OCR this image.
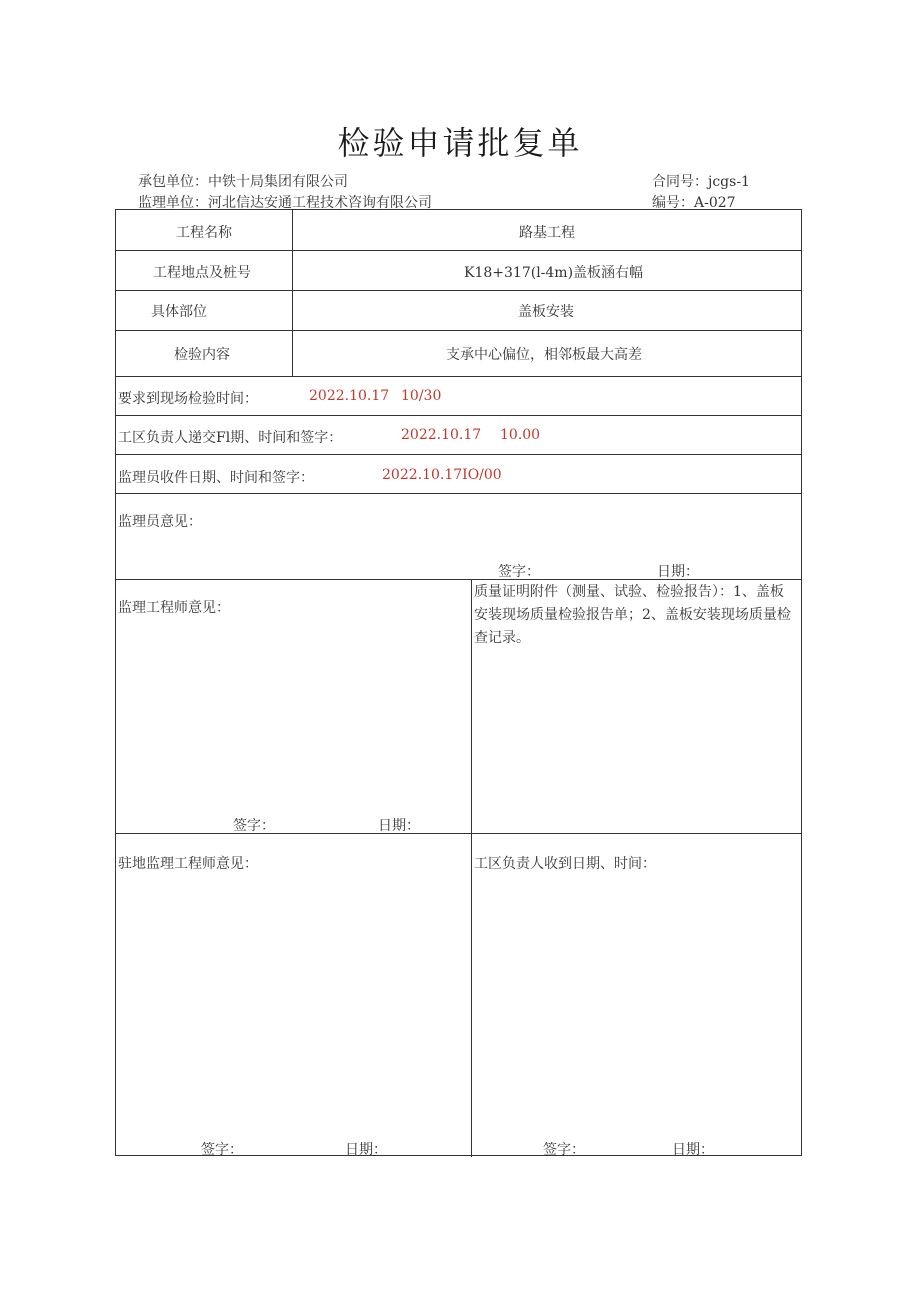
检验申请批复单
承包单位：中铁十局集团有限公司	合同号：jcgs-1
监理单位：河北信达安通工程技术咨询有限公司	编号：A-027
工程名称	路基工程
工程地点及桩号	K18+317(l-4m)盖板涵右幅
具体部位	盖板安装
检验内容	支承中心偏位，相邻板最大高差
要求到现场检验时间：	2022.10.17 10/30
工区负责人递交Fl期、时间和签字：	2022.10.17 10.00
监理员收件日期、时间和签字：	2022.10.17IO/00
监理员意见：
签字：	日期：
监理工程师意见：
签字：	日期：
质量证明附件（测量、试验、检验报告）：1、盖板安装现场质量检验报告单；2、盖板安装现场质量检查记录。
驻地监理工程师意见：
签字：	日期：
工区负责人收到日期、时间：
签字：	日期：
